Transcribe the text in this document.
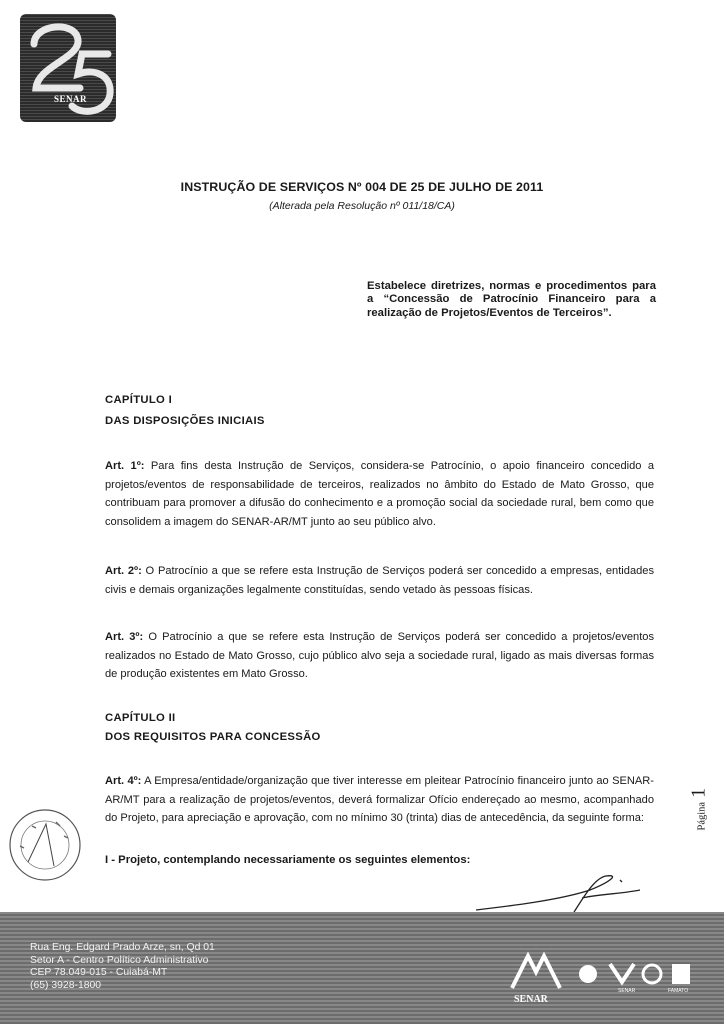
SENAR
INSTRUÇÃO DE SERVIÇOS Nº 004 DE 25 DE JULHO DE 2011
(Alterada pela Resolução nº 011/18/CA)
Estabelece diretrizes, normas e procedimentos para a “Concessão de Patrocínio Financeiro para a realização de Projetos/Eventos de Terceiros”.
CAPÍTULO I
DAS DISPOSIÇÕES INICIAIS
Art. 1º: Para fins desta Instrução de Serviços, considera-se Patrocínio, o apoio financeiro concedido a projetos/eventos de responsabilidade de terceiros, realizados no âmbito do Estado de Mato Grosso, que contribuam para promover a difusão do conhecimento e a promoção social da sociedade rural, bem como que consolidem a imagem do SENAR-AR/MT junto ao seu público alvo.
Art. 2º: O Patrocínio a que se refere esta Instrução de Serviços poderá ser concedido a empresas, entidades civis e demais organizações legalmente constituídas, sendo vetado às pessoas físicas.
Art. 3º: O Patrocínio a que se refere esta Instrução de Serviços poderá ser concedido a projetos/eventos realizados no Estado de Mato Grosso, cujo público alvo seja a sociedade rural, ligado as mais diversas formas de produção existentes em Mato Grosso.
CAPÍTULO II
DOS REQUISITOS PARA CONCESSÃO
Art. 4º: A Empresa/entidade/organização que tiver interesse em pleitear Patrocínio financeiro junto ao SENAR-AR/MT para a realização de projetos/eventos, deverá formalizar Ofício endereçado ao mesmo, acompanhado do Projeto, para apreciação e aprovação, com no mínimo 30 (trinta) dias de antecedência, da seguinte forma:
I - Projeto, contemplando necessariamente os seguintes elementos:
Página
1
Rua Eng. Edgard Prado Arze, sn, Qd 01
Setor A - Centro Político Administrativo
CEP 78.049-015 - Cuiabá-MT
(65) 3928-1800
SENAR
SENAR	FAMATO
